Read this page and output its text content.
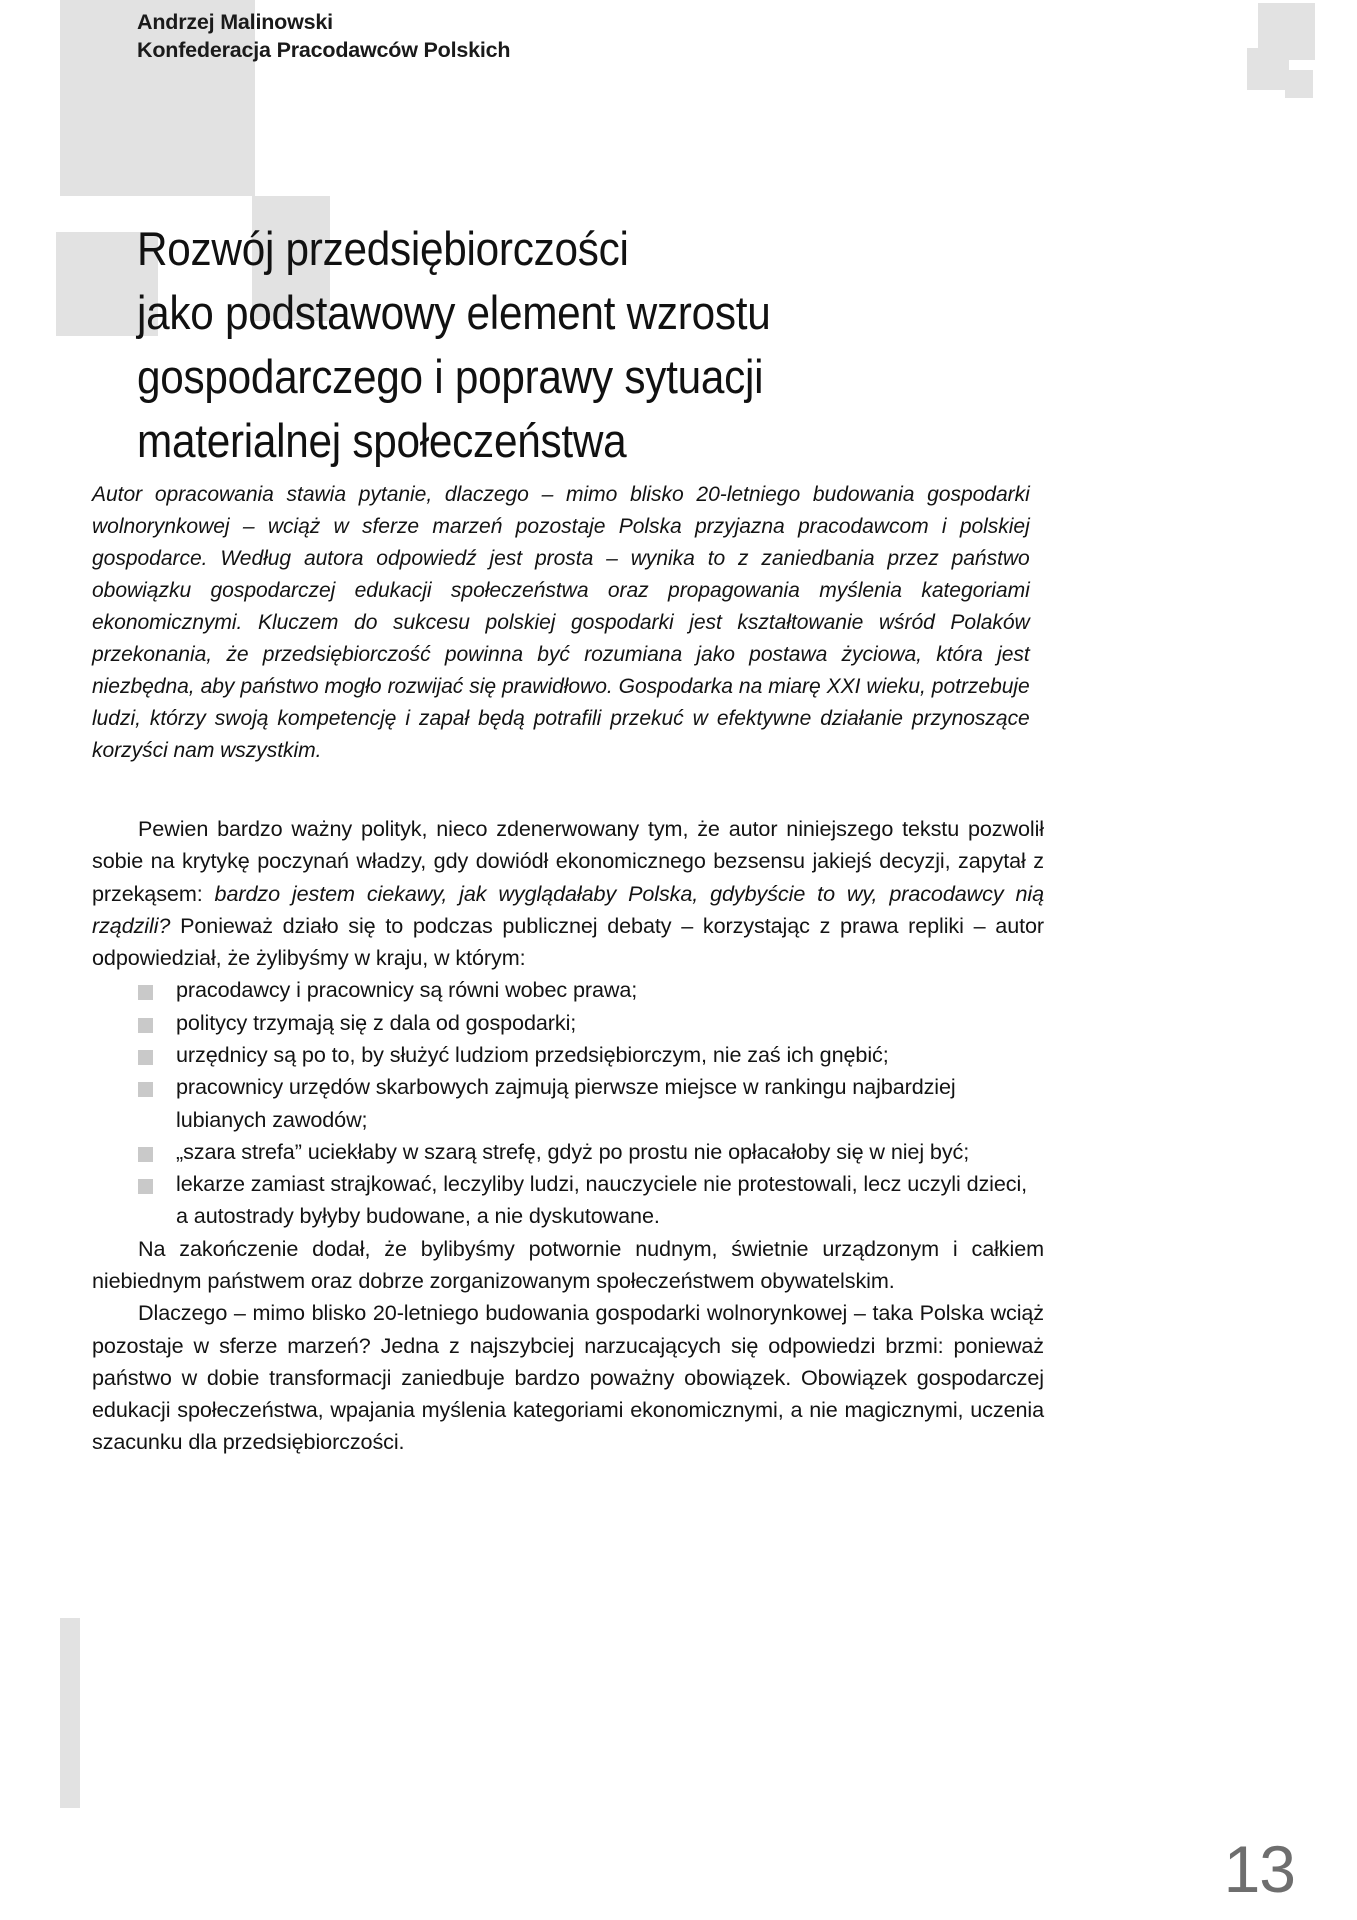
Andrzej Malinowski
Konfederacja Pracodawców Polskich
Rozwój przedsiębiorczości
jako podstawowy element wzrostu
gospodarczego i poprawy sytuacji
materialnej społeczeństwa
Autor opracowania stawia pytanie, dlaczego – mimo blisko 20-letniego budowania gospodarki wolnorynkowej – wciąż w sferze marzeń pozostaje Polska przyjazna pracodawcom i polskiej gospodarce. Według autora odpowiedź jest prosta – wynika to z zaniedbania przez państwo obowiązku gospodarczej edukacji społeczeństwa oraz propagowania myślenia kategoriami ekonomicznymi. Kluczem do sukcesu polskiej gospodarki jest kształtowanie wśród Polaków przekonania, że przedsiębiorczość powinna być rozumiana jako postawa życiowa, która jest niezbędna, aby państwo mogło rozwijać się prawidłowo. Gospodarka na miarę XXI wieku, potrzebuje ludzi, którzy swoją kompetencję i zapał będą potrafili przekuć w efektywne działanie przynoszące korzyści nam wszystkim.

Pewien bardzo ważny polityk, nieco zdenerwowany tym, że autor niniejszego tekstu pozwolił sobie na krytykę poczynań władzy, gdy dowiódł ekonomicznego bezsensu jakiejś decyzji, zapytał z przekąsem: bardzo jestem ciekawy, jak wyglądałaby Polska, gdybyście to wy, pracodawcy nią rządzili? Ponieważ działo się to podczas publicznej debaty – korzystając z prawa repliki – autor odpowiedział, że żylibyśmy w kraju, w którym:

pracodawcy i pracownicy są równi wobec prawa;
politycy trzymają się z dala od gospodarki;
urzędnicy są po to, by służyć ludziom przedsiębiorczym, nie zaś ich gnębić;
pracownicy urzędów skarbowych zajmują pierwsze miejsce w rankingu najbardziej lubianych zawodów;
„szara strefa” uciekłaby w szarą strefę, gdyż po prostu nie opłacałoby się w niej być;
lekarze zamiast strajkować, leczyliby ludzi, nauczyciele nie protestowali, lecz uczyli dzieci, a autostrady byłyby budowane, a nie dyskutowane.

Na zakończenie dodał, że bylibyśmy potwornie nudnym, świetnie urządzonym i całkiem niebiednym państwem oraz dobrze zorganizowanym społeczeństwem obywatelskim.

Dlaczego – mimo blisko 20-letniego budowania gospodarki wolnorynkowej – taka Polska wciąż pozostaje w sferze marzeń? Jedna z najszybciej narzucających się odpowiedzi brzmi: ponieważ państwo w dobie transformacji zaniedbuje bardzo poważny obowiązek. Obowiązek gospodarczej edukacji społeczeństwa, wpajania myślenia kategoriami ekonomicznymi, a nie magicznymi, uczenia szacunku dla przedsiębiorczości.

13
